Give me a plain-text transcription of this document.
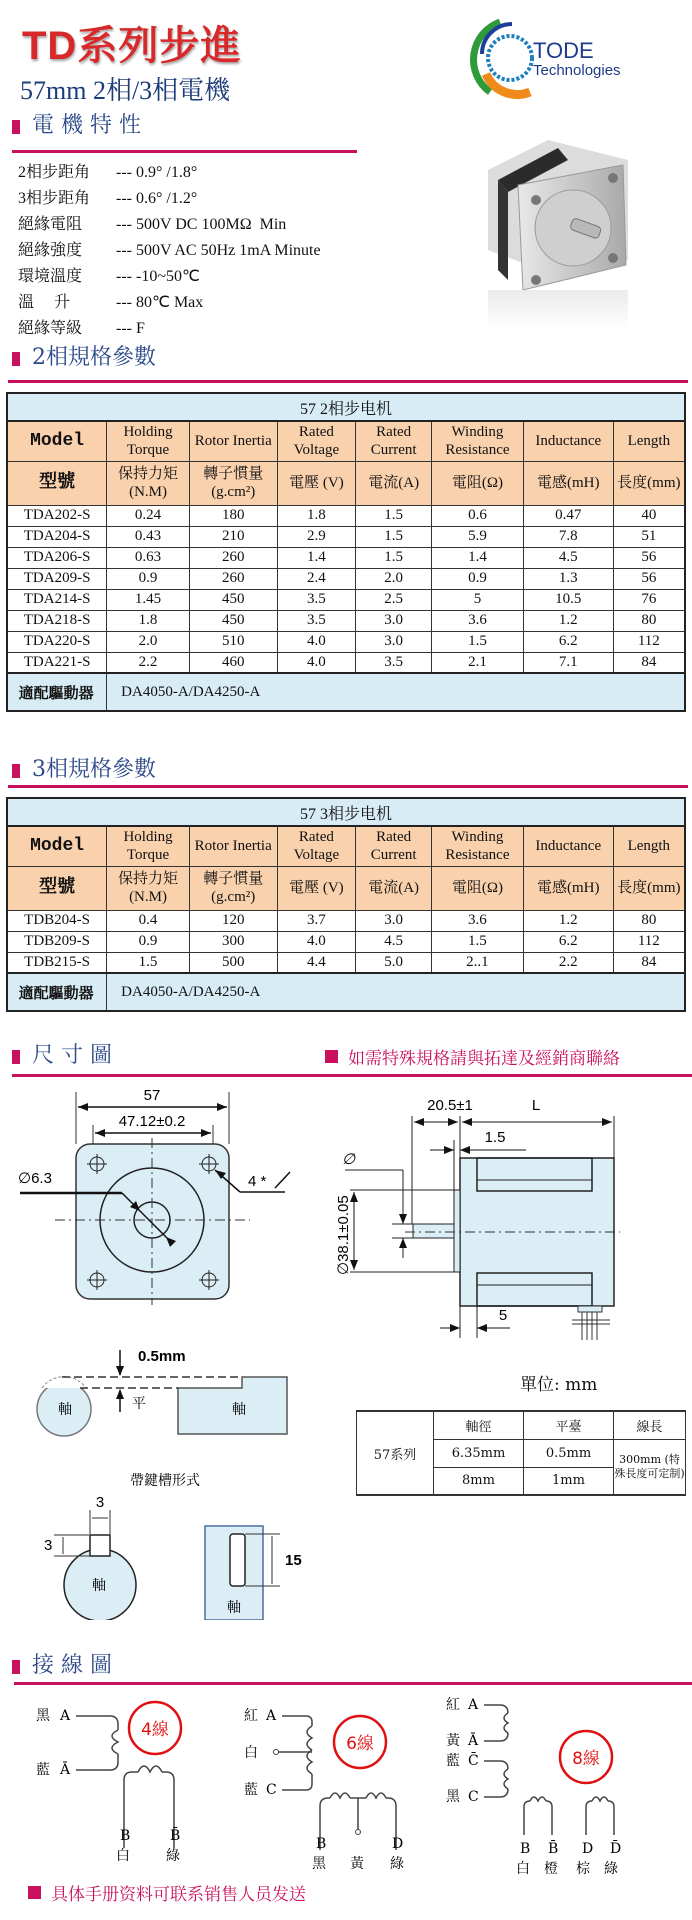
TD系列步進
57mm 2相/3相電機
TODE
Technologies
電 機 特 性
2相步距角	--- 0.9° /1.8°
3相步距角	--- 0.6° /1.2°
絕緣電阻	--- 500V DC 100MΩ  Min
絕緣強度	--- 500V AC 50Hz 1mA Minute
環境溫度	--- -10~50℃
溫     升	--- 80℃ Max
絕緣等級	--- F
2相規格參數
57 2相步电机							
Model	Holding Torque	Rotor Inertia	Rated Voltage	Rated Current	Winding Resistance	Inductance	Length
型號	保持力矩 (N.M)	轉子慣量 (g.cm²)	電壓 (V)	電流(A)	電阻(Ω)	電感(mH)	長度(mm)
TDA202-S	0.24	180	1.8	1.5	0.6	0.47	40
TDA204-S	0.43	210	2.9	1.5	5.9	7.8	51
TDA206-S	0.63	260	1.4	1.5	1.4	4.5	56
TDA209-S	0.9	260	2.4	2.0	0.9	1.3	56
TDA214-S	1.45	450	3.5	2.5	5	10.5	76
TDA218-S	1.8	450	3.5	3.0	3.6	1.2	80
TDA220-S	2.0	510	4.0	3.0	1.5	6.2	112
TDA221-S	2.2	460	4.0	3.5	2.1	7.1	84
適配驅動器	DA4050-A/DA4250-A						
3相規格參數
57 3相步电机							
Model	Holding Torque	Rotor Inertia	Rated Voltage	Rated Current	Winding Resistance	Inductance	Length
型號	保持力矩 (N.M)	轉子慣量 (g.cm²)	電壓 (V)	電流(A)	電阻(Ω)	電感(mH)	長度(mm)
TDB204-S	0.4	120	3.7	3.0	3.6	1.2	80
TDB209-S	0.9	300	4.0	4.5	1.5	6.2	112
TDB215-S	1.5	500	4.4	5.0	2..1	2.2	84
適配驅動器	DA4050-A/DA4250-A						
尺 寸 圖	如需特殊規格請與拓達及經銷商聯絡
57
47.12±0.2
∅6.3	4 *
20.5±1	L
1.5
∅
∅38.1±0.05
5
0.5mm
平
軸	軸
帶鍵槽形式
3
3
軸
15
軸
單位: mm
57系列	軸徑	平臺	線長
	6.35mm	0.5mm	300mm (特殊長度可定制)
	8mm	1mm	
接 線 圖
4線
黑 A
藍 Ā
B	B̄
白	綠
6線
紅 A
白
藍 C
B	D
黑 黃 綠
8線
紅 A
黃 Ā
藍 C̄
黑 C
B B̄ D D̄
白 橙 棕 綠
具体手册资料可联系销售人员发送
